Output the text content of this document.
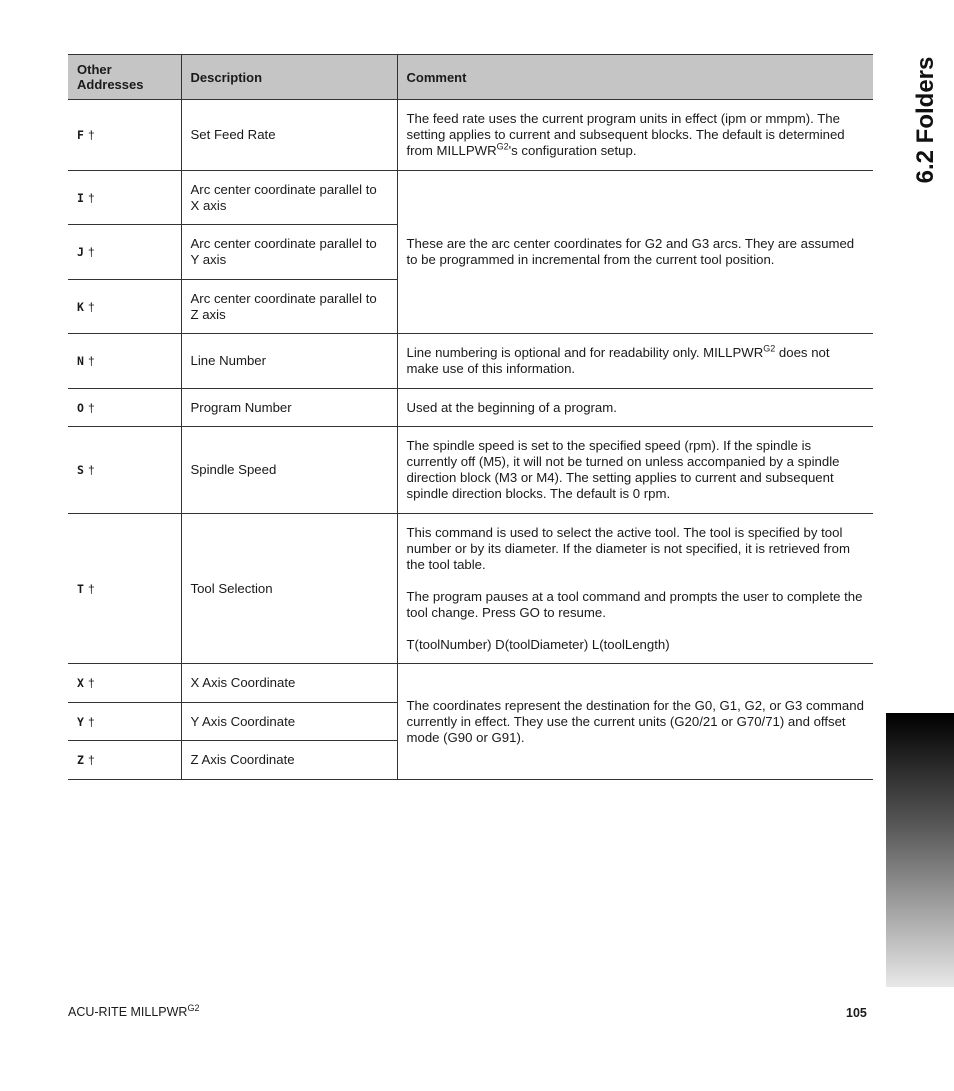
6.2 Folders
Other
Addresses	Description	Comment
F †	Set Feed Rate	The feed rate uses the current program units in effect (ipm or mmpm). The setting applies to current and subsequent blocks. The default is determined from $MILLPWR^{G2}'s$ configuration setup.
I †	Arc center coordinate parallel to X axis	These are the arc center coordinates for G2 and G3 arcs. They are assumed to be programmed in incremental from the current tool position.
J †	Arc center coordinate parallel to Y axis	
K †	Arc center coordinate parallel to Z axis	
N †	Line Number	Line numbering is optional and for readability only. $MILLPWR^{G2}$ does not make use of this information.
O †	Program Number	Used at the beginning of a program.
S †	Spindle Speed	The spindle speed is set to the specified speed (rpm). If the spindle is currently off (M5), it will not be turned on unless accompanied by a spindle direction block (M3 or M4). The setting applies to current and subsequent spindle direction blocks. The default is 0 rpm.
T †	Tool Selection	This command is used to select the active tool. The tool is specified by tool number or by its diameter. If the diameter is not specified, it is retrieved from the tool table.
The program pauses at a tool command and prompts the user to complete the tool change. Press GO to resume.
T(toolNumber) D(toolDiameter) L(toolLength)

X †	X Axis Coordinate	The coordinates represent the destination for the G0, G1, G2, or G3 command currently in effect. They use the current units (G20/21 or G70/71) and offset mode (G90 or G91).
Y †	Y Axis Coordinate	
Z †	Z Axis Coordinate	
ACU-RITE $MILLPWR^{G2}$	105
